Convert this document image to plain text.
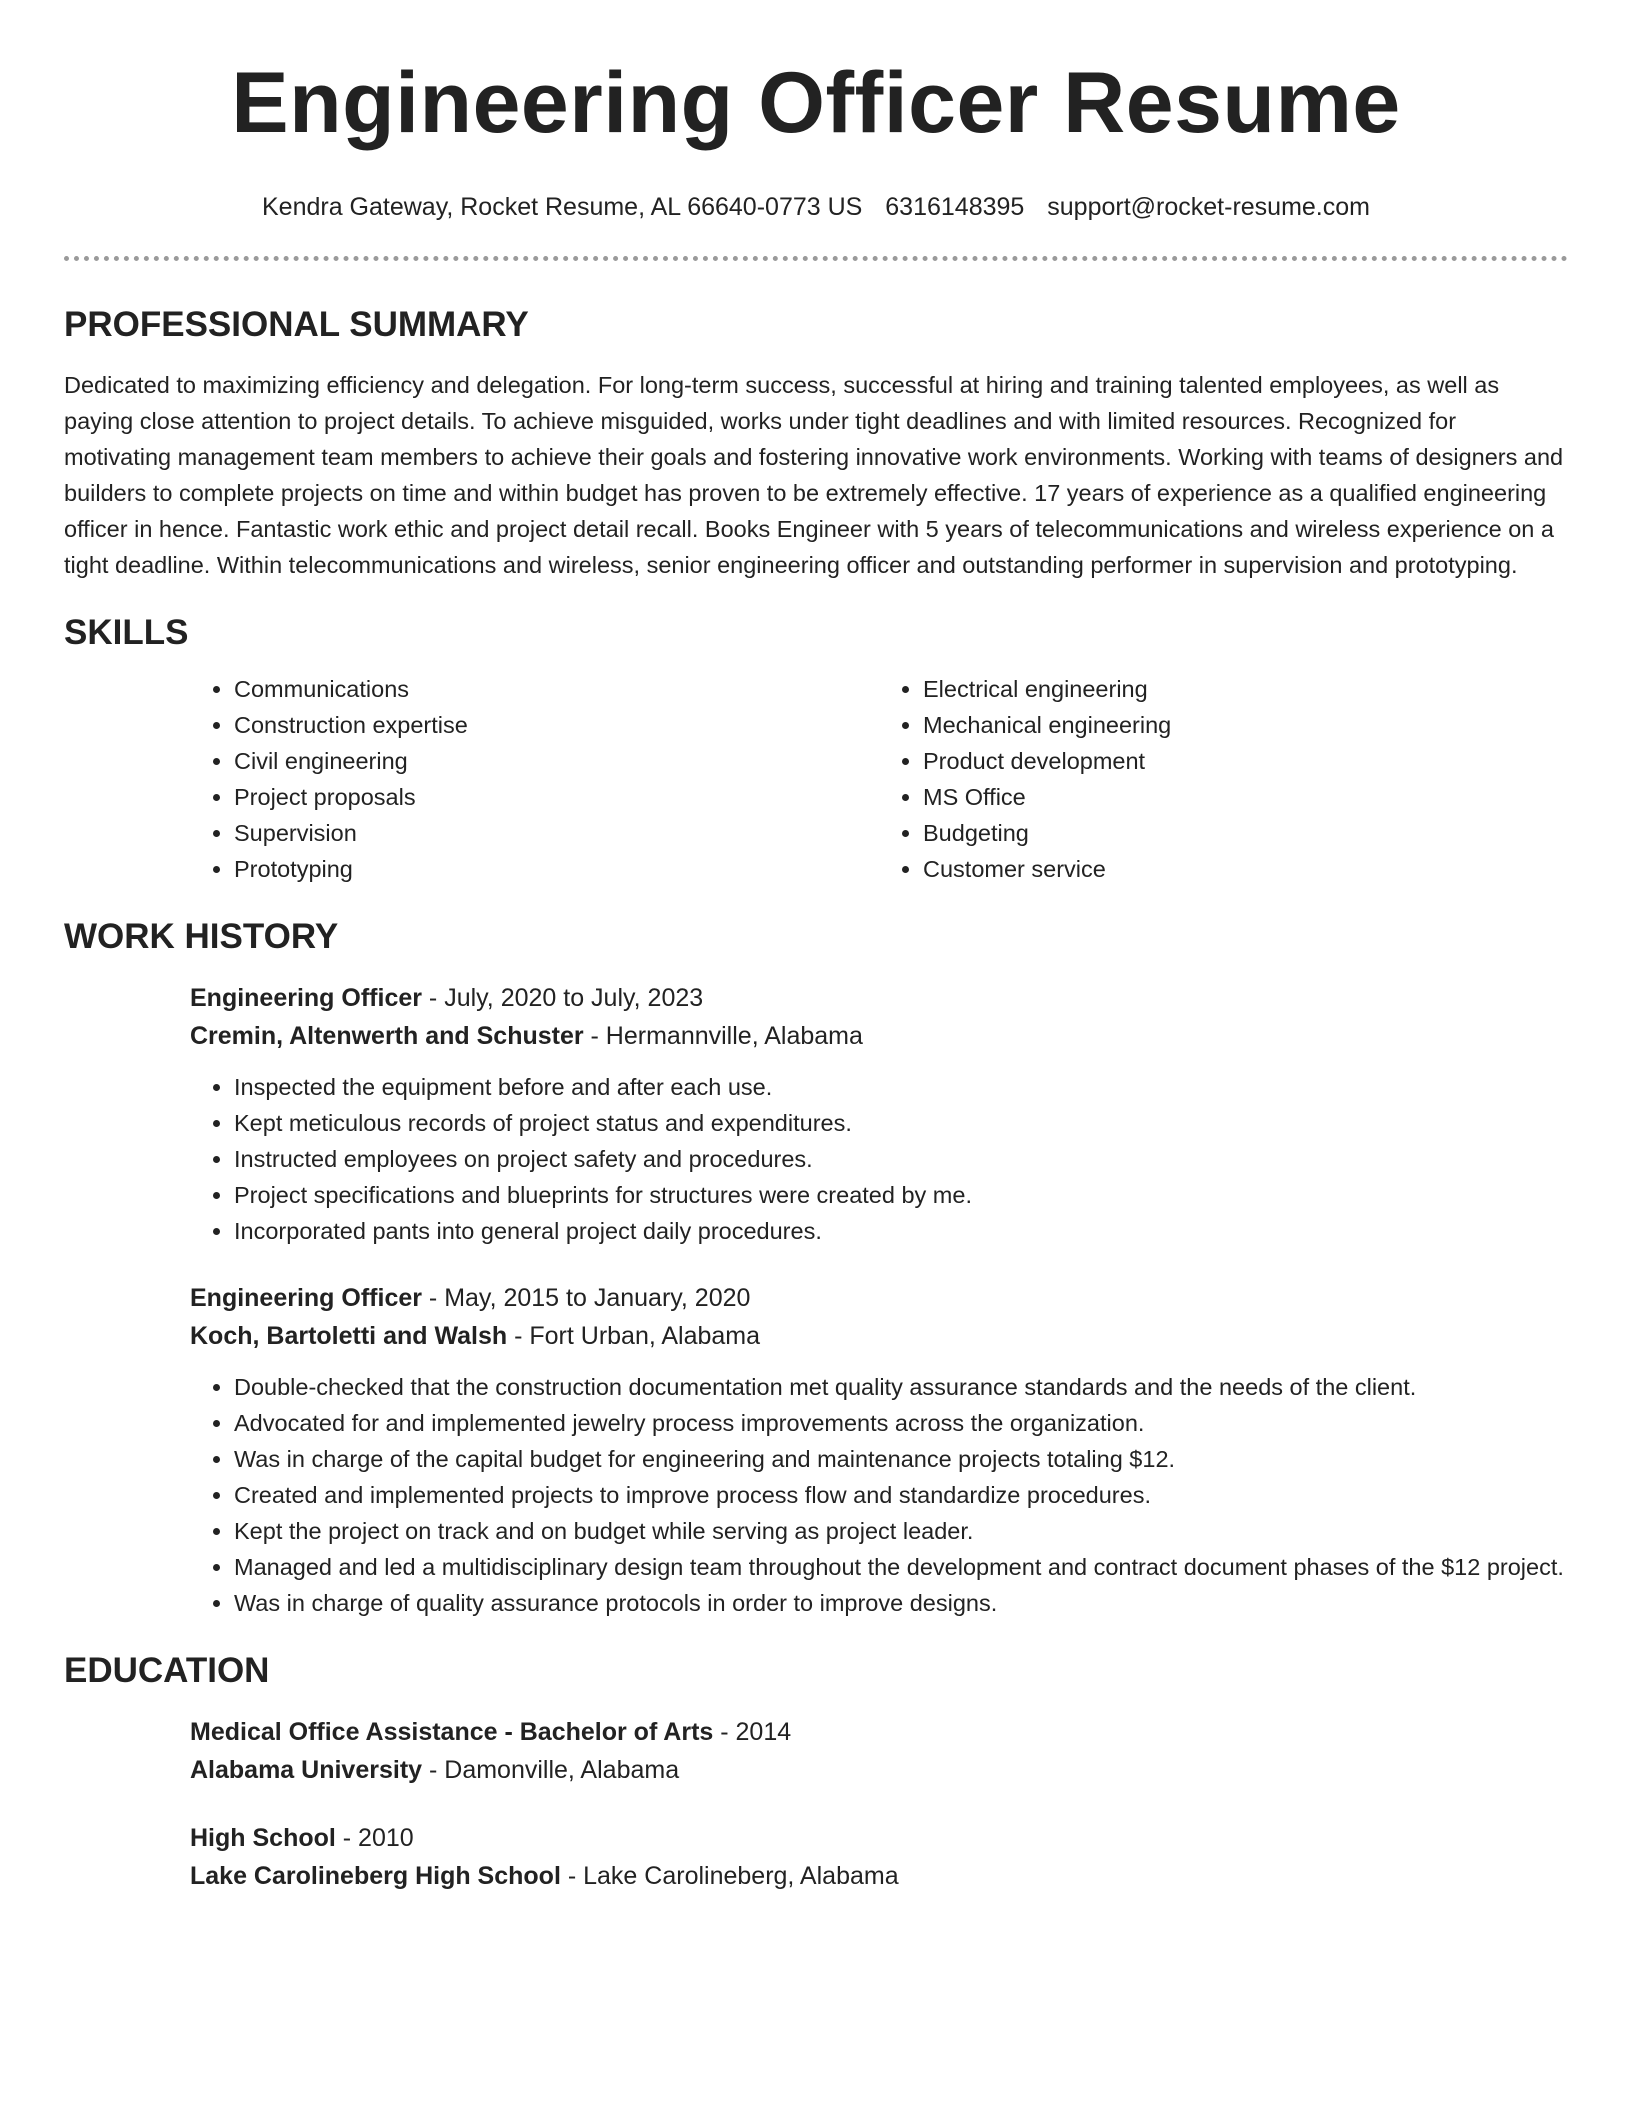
Engineering Officer Resume
Kendra Gateway, Rocket Resume, AL 66640-0773 US 6316148395 support@rocket-resume.com
PROFESSIONAL SUMMARY

Dedicated to maximizing efficiency and delegation. For long-term success, successful at hiring and training talented employees, as well as paying close attention to project details. To achieve misguided, works under tight deadlines and with limited resources. Recognized for motivating management team members to achieve their goals and fostering innovative work environments. Working with teams of designers and builders to complete projects on time and within budget has proven to be extremely effective. 17 years of experience as a qualified engineering officer in hence. Fantastic work ethic and project detail recall. Books Engineer with 5 years of telecommunications and wireless experience on a tight deadline. Within telecommunications and wireless, senior engineering officer and outstanding performer in supervision and prototyping.

SKILLS
• Communications
• Construction expertise
• Civil engineering
• Project proposals
• Supervision
• Prototyping
• Electrical engineering
• Mechanical engineering
• Product development
• MS Office
• Budgeting
• Customer service
WORK HISTORY
Engineering Officer - July, 2020 to July, 2023
Cremin, Altenwerth and Schuster - Hermannville, Alabama
• Inspected the equipment before and after each use.
• Kept meticulous records of project status and expenditures.
• Instructed employees on project safety and procedures.
• Project specifications and blueprints for structures were created by me.
• Incorporated pants into general project daily procedures.
Engineering Officer - May, 2015 to January, 2020
Koch, Bartoletti and Walsh - Fort Urban, Alabama
• Double-checked that the construction documentation met quality assurance standards and the needs of the client.
• Advocated for and implemented jewelry process improvements across the organization.
• Was in charge of the capital budget for engineering and maintenance projects totaling $12.
• Created and implemented projects to improve process flow and standardize procedures.
• Kept the project on track and on budget while serving as project leader.
• Managed and led a multidisciplinary design team throughout the development and contract document phases of the $12 project.
• Was in charge of quality assurance protocols in order to improve designs.
EDUCATION
Medical Office Assistance - Bachelor of Arts - 2014
Alabama University - Damonville, Alabama
High School - 2010
Lake Carolineberg High School - Lake Carolineberg, Alabama
